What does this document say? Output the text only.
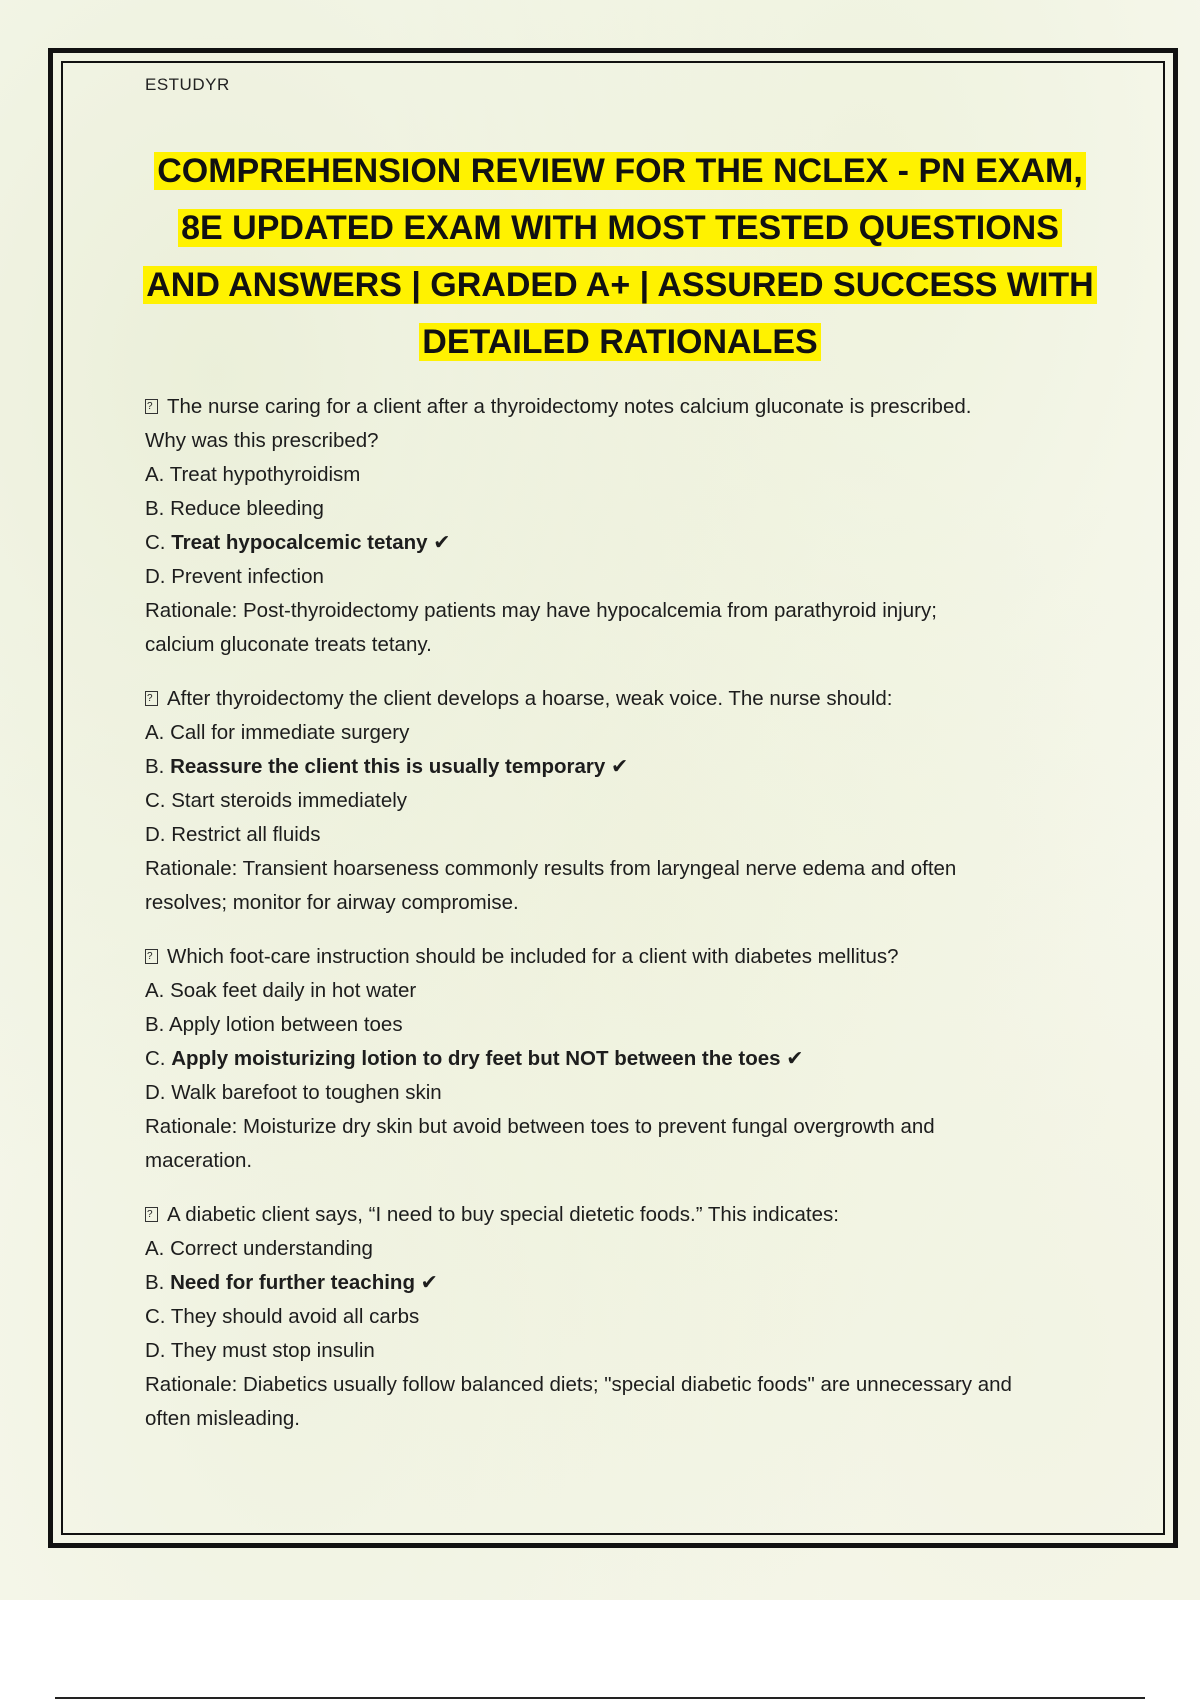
ESTUDYR
COMPREHENSION REVIEW FOR THE NCLEX - PN EXAM,
8E UPDATED EXAM WITH MOST TESTED QUESTIONS
AND ANSWERS | GRADED A+ | ASSURED SUCCESS WITH
DETAILED RATIONALES
?The nurse caring for a client after a thyroidectomy notes calcium gluconate is prescribed.
Why was this prescribed?
A. Treat hypothyroidism
B. Reduce bleeding
C. Treat hypocalcemic tetany ✔
D. Prevent infection
Rationale: Post-thyroidectomy patients may have hypocalcemia from parathyroid injury;
calcium gluconate treats tetany.
?After thyroidectomy the client develops a hoarse, weak voice. The nurse should:
A. Call for immediate surgery
B. Reassure the client this is usually temporary ✔
C. Start steroids immediately
D. Restrict all fluids
Rationale: Transient hoarseness commonly results from laryngeal nerve edema and often
resolves; monitor for airway compromise.
?Which foot-care instruction should be included for a client with diabetes mellitus?
A. Soak feet daily in hot water
B. Apply lotion between toes
C. Apply moisturizing lotion to dry feet but NOT between the toes ✔
D. Walk barefoot to toughen skin
Rationale: Moisturize dry skin but avoid between toes to prevent fungal overgrowth and
maceration.
?A diabetic client says, “I need to buy special dietetic foods.” This indicates:
A. Correct understanding
B. Need for further teaching ✔
C. They should avoid all carbs
D. They must stop insulin
Rationale: Diabetics usually follow balanced diets; "special diabetic foods" are unnecessary and
often misleading.
